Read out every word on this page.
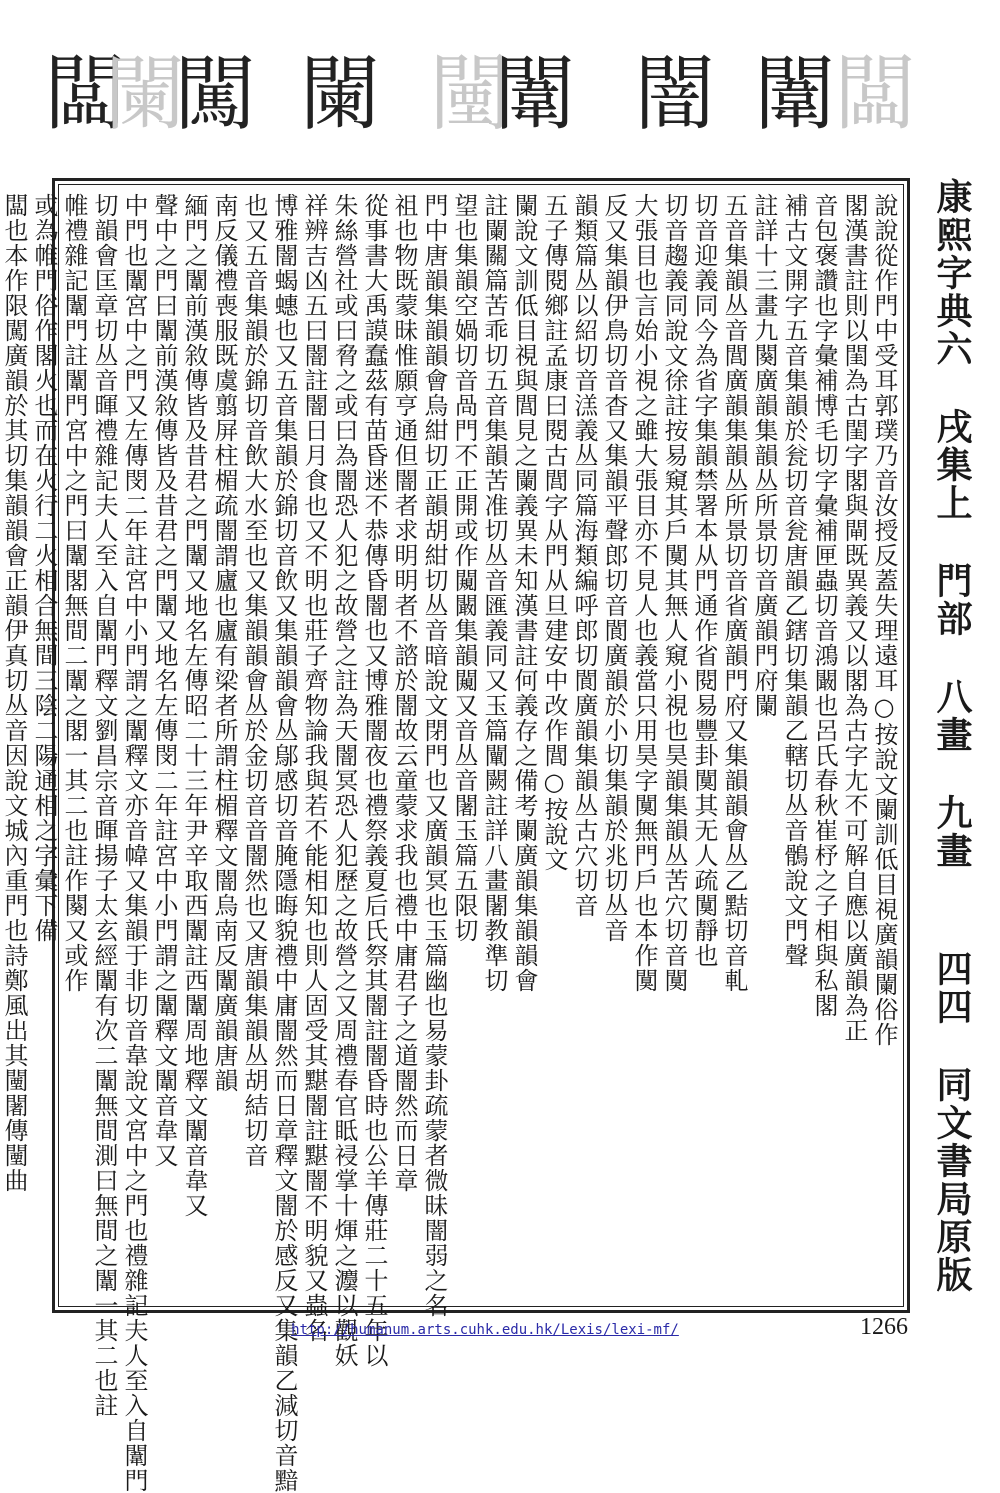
闆
闌
闖 闌 闉
闈 闇 闈
闆
說說從作門中受耳郭璞乃音汝授反蓋失理遠耳○按說文闌訓低目視廣韻闌俗作
閣漢書註則以閨為古閨字閣與閘既異義又以閣為古字尢不可解自應以廣韻為正
音包褒讚也字彙補博毛切字彙補匣蟲切音鴻闞也呂氏春秋崔杼之子相與私閣
補古文開字五音集韻於瓮切音瓮唐韻乙鎋切集韻乙轄切丛音鶻說文門聲
註詳十三畫九闋廣韻集韻丛所景切音廣韻門府闌
五音集韻丛音閭廣韻集韻丛所景切音省廣韻門府又集韻韻會丛乙黠切音軋
切音迎義同今為省字集韻禁署本从門通作省閱易豐卦闃其无人疏闃靜也
切音趨義同說文徐註按易窺其戶闃其無人窺小視也昊韻集韻丛苦穴切音闃
大張目也言始小視之雖大張目亦不見人也義當只用昊字闃無門戶也本作闃
反又集韻伊鳥切音杳又集韻平聲郎切音閬廣韻於小切集韻於兆切丛音
韻類篇丛以紹切音溔義丛同篇海類編呼郎切閬廣韻集韻丛古穴切音
五子傳閱鄉註孟康曰閱古閭字从門从旦建安中改作閭○按說文
闌說文訓低目視與閭見之闌義異未知漢書註何義存之備考闌廣韻集韻韻會
註闌關篇苦乖切五音集韻苦准切丛音匯義同又玉篇闡闕註詳八畫闍教準切
望也集韻空媧切音咼門不正開或作闚闞集韻闚又音丛音闍玉篇五限切
門中唐韻集韻韻會烏紺切正韻胡紺切丛音暗說文閉門也又廣韻冥也玉篇幽也易蒙卦疏蒙者微昧闇弱之名
祖也物既蒙昧惟願亨通但闇者求明明者不諮於闇故云童蒙求我也禮中庸君子之道闇然而日章
從事書大禹謨蠢茲有苗昏迷不恭傳昏闇也又博雅闇夜也禮祭義夏后氏祭其闇註闇昏時也公羊傳莊二十五年以
朱絲營社或曰脅之或曰為闇恐人犯之故營之註為天闇冥恐人犯歷之故營之又周禮春官眡祲掌十煇之灋以觀妖
祥辨吉凶五曰闇註闇日月食也又不明也莊子齊物論我與若不能相知也則人固受其黮闇註黮闇不明貌又蟲名
博雅闇蝎蟪也又五音集韻於錦切音飲又集韻韻會丛鄔感切音腌隱晦貌禮中庸闇然而日章釋文闇於感反又集韻乙減切音黯
也又五音集韻於錦切音飲大水至也又集韻韻會丛於金切音音闇然也又唐韻集韻丛胡結切音
南反儀禮喪服既虞翦屏柱楣疏闇謂廬也廬有梁者所謂柱楣釋文闇烏南反闈廣韻唐韻
緬門之闈前漢敘傳皆及昔君之門闈又地名左傳昭二十三年尹辛取西闈註西闈周地釋文闈音韋又
聲中之門曰闈前漢敘傳皆及昔君之門闈又地名左傳閔二年註宮中小門謂之闈釋文闈音韋又
中門也闈宮中之門又左傳閔二年註宮中小門謂之闈釋文亦音幃又集韻于非切音韋說文宮中之門也禮雜記夫人至入自闈門
切韻會匡章切丛音暉禮雜記夫人至入自闈門釋文劉昌宗音暉揚子太玄經闈有次二闈無間測曰無間之闈一其二也註
帷禮雜記闈門註闈門宮中之門曰闈閣無間二闈之閣一其二也註作闋又或作
或為帷門俗作閣火也而在火行二火相合無間三陰二陽通相之字彙下備
闆也本作限闖廣韻於其切集韻韻會正韻伊真切丛音因說文城內重門也詩鄭風出其闉闍傳闉曲	康熙字典六戌集上門部八畫九畫四四同文書局原版
http://humanum.arts.cuhk.edu.hk/Lexis/lexi-mf/	1266
